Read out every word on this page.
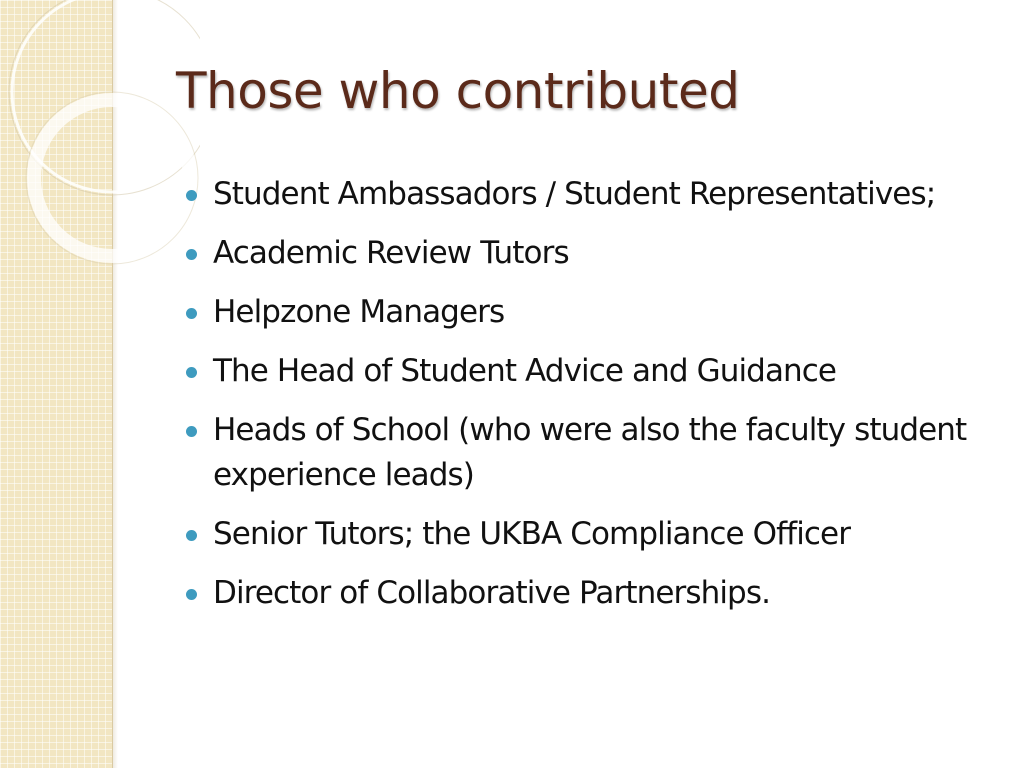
Those who contributed
Student Ambassadors / Student Representatives;
Academic Review Tutors
Helpzone Managers
The Head of Student Advice and Guidance
Heads of School (who were also the faculty student experience leads)
Senior Tutors; the UKBA Compliance Officer
Director of Collaborative Partnerships.
